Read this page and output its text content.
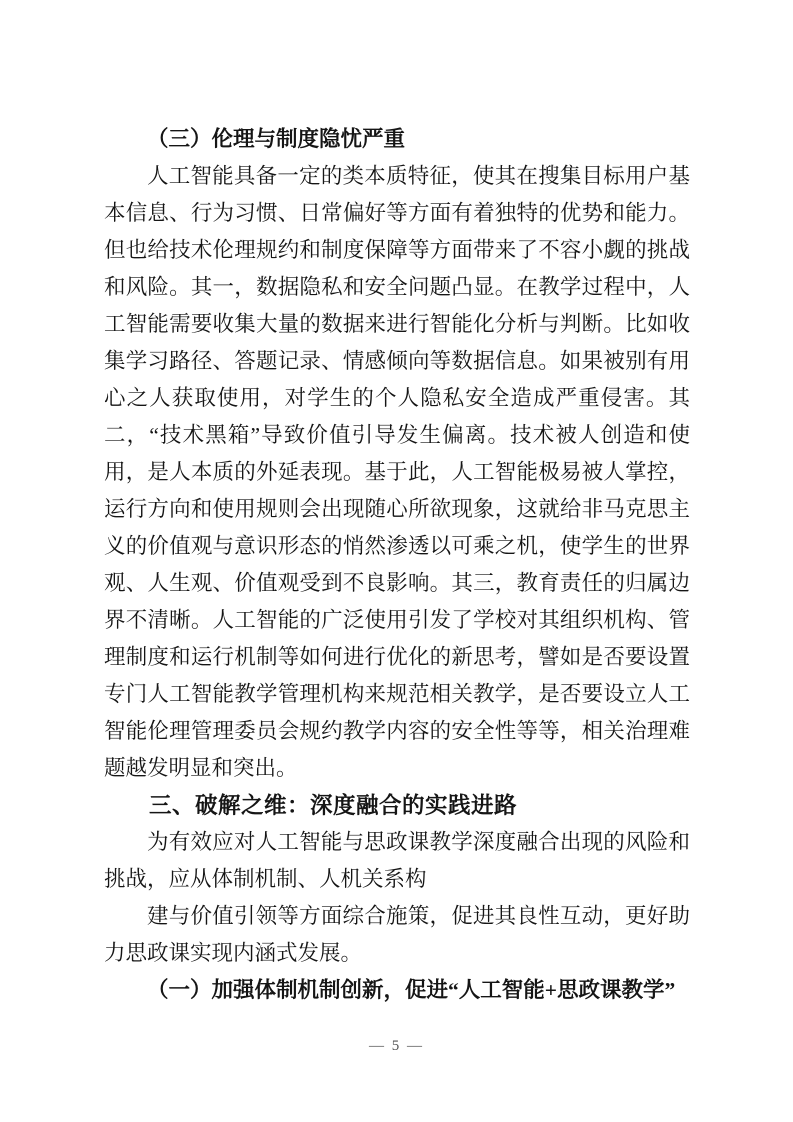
（三）伦理与制度隐忧严重

人工智能具备一定的类本质特征，使其在搜集目标用户基本信息、行为习惯、日常偏好等方面有着独特的优势和能力。但也给技术伦理规约和制度保障等方面带来了不容小觑的挑战和风险。其一，数据隐私和安全问题凸显。在教学过程中，人工智能需要收集大量的数据来进行智能化分析与判断。比如收集学习路径、答题记录、情感倾向等数据信息。如果被别有用心之人获取使用，对学生的个人隐私安全造成严重侵害。其二，“技术黑箱”导致价值引导发生偏离。技术被人创造和使用，是人本质的外延表现。基于此，人工智能极易被人掌控，运行方向和使用规则会出现随心所欲现象，这就给非马克思主义的价值观与意识形态的悄然渗透以可乘之机，使学生的世界观、人生观、价值观受到不良影响。其三，教育责任的归属边界不清晰。人工智能的广泛使用引发了学校对其组织机构、管理制度和运行机制等如何进行优化的新思考，譬如是否要设置专门人工智能教学管理机构来规范相关教学，是否要设立人工智能伦理管理委员会规约教学内容的安全性等等，相关治理难题越发明显和突出。

三、破解之维：深度融合的实践进路

为有效应对人工智能与思政课教学深度融合出现的风险和挑战，应从体制机制、人机关系构

建与价值引领等方面综合施策，促进其良性互动，更好助力思政课实现内涵式发展。

（一）加强体制机制创新，促进“人工智能+思政课教学”
— 5 —
